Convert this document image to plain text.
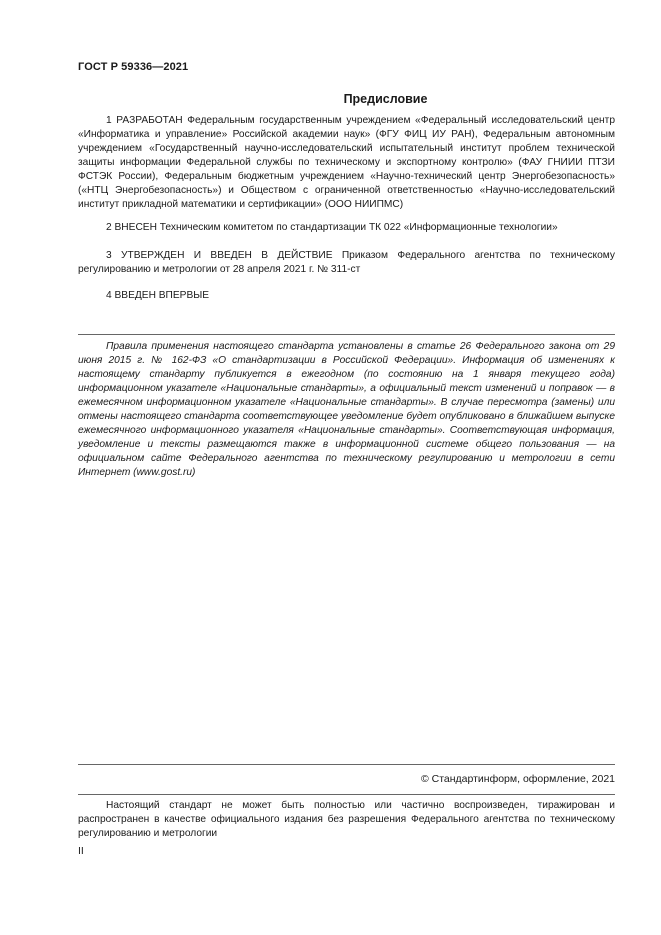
ГОСТ Р 59336—2021
Предисловие

1 РАЗРАБОТАН Федеральным государственным учреждением «Федеральный исследовательский центр «Информатика и управление» Российской академии наук» (ФГУ ФИЦ ИУ РАН), Федеральным автономным учреждением «Государственный научно-исследовательский испытательный институт проблем технической защиты информации Федеральной службы по техническому и экспортному контролю» (ФАУ ГНИИИ ПТЗИ ФСТЭК России), Федеральным бюджетным учреждением «Научно-технический центр Энергобезопасность» («НТЦ Энергобезопасность») и Обществом с ограниченной ответственностью «Научно-исследовательский институт прикладной математики и сертификации» (ООО НИИПМС)

2 ВНЕСЕН Техническим комитетом по стандартизации ТК 022 «Информационные технологии»

3 УТВЕРЖДЕН И ВВЕДЕН В ДЕЙСТВИЕ Приказом Федерального агентства по техническому регулированию и метрологии от 28 апреля 2021 г. № 311-ст

4 ВВЕДЕН ВПЕРВЫЕ

Правила применения настоящего стандарта установлены в статье 26 Федерального закона от 29 июня 2015 г. № 162-ФЗ «О стандартизации в Российской Федерации». Информация об изменениях к настоящему стандарту публикуется в ежегодном (по состоянию на 1 января текущего года) информационном указателе «Национальные стандарты», а официальный текст изменений и поправок — в ежемесячном информационном указателе «Национальные стандарты». В случае пересмотра (замены) или отмены настоящего стандарта соответствующее уведомление будет опубликовано в ближайшем выпуске ежемесячного информационного указателя «Национальные стандарты». Соответствующая информация, уведомление и тексты размещаются также в информационной системе общего пользования — на официальном сайте Федерального агентства по техническому регулированию и метрологии в сети Интернет (www.gost.ru)

© Стандартинформ, оформление, 2021

Настоящий стандарт не может быть полностью или частично воспроизведен, тиражирован и распространен в качестве официального издания без разрешения Федерального агентства по техническому регулированию и метрологии

II
